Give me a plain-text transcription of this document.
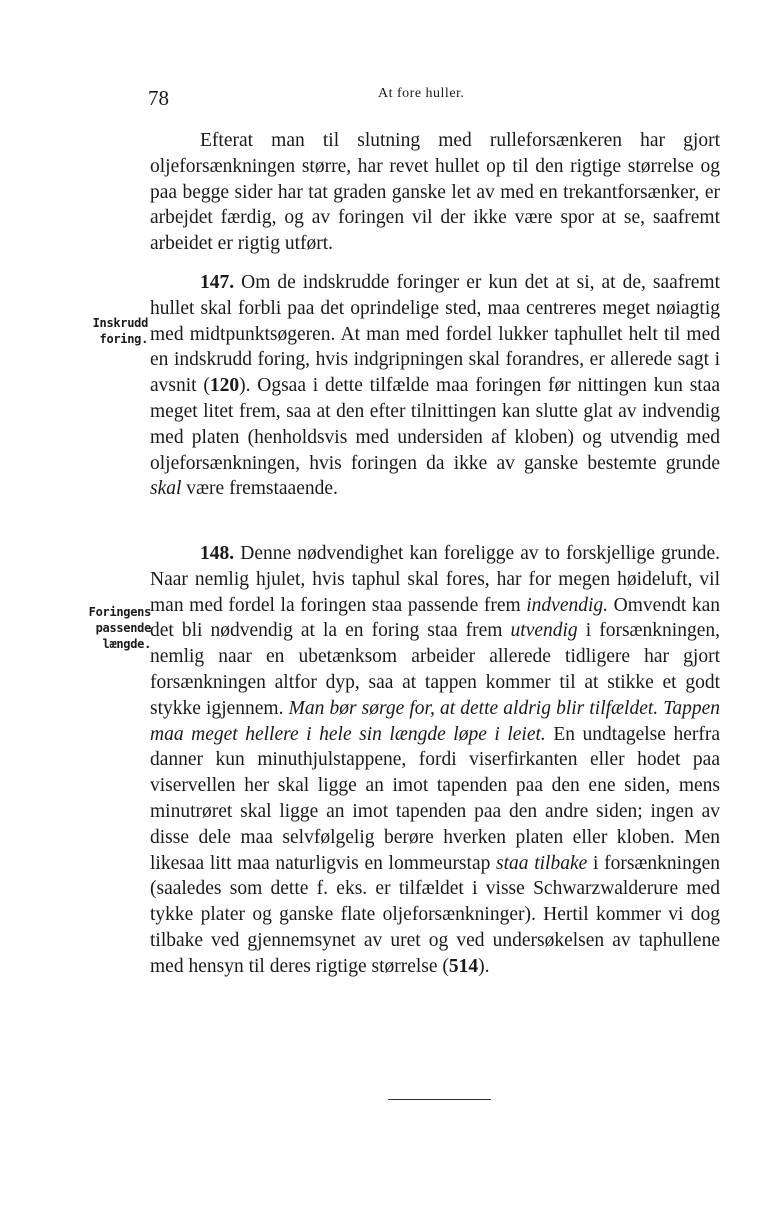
78	At fore huller.

Efterat man til slutning med rulleforsænkeren har gjort oljeforsænkningen større, har revet hullet op til den rigtige størrelse og paa begge sider har tat graden ganske let av med en trekantforsænker, er arbejdet færdig, og av foringen vil der ikke være spor at se, saafremt arbeidet er rigtig utført.

Inskrudd
foring.

147. Om de indskrudde foringer er kun det at si, at de, saafremt hullet skal forbli paa det oprindelige sted, maa centreres meget nøiagtig med midtpunktsøgeren. At man med fordel lukker taphullet helt til med en indskrudd foring, hvis indgripningen skal forandres, er allerede sagt i avsnit (120). Ogsaa i dette tilfælde maa foringen før nittingen kun staa meget litet frem, saa at den efter tilnittingen kan slutte glat av indvendig med platen (henholdsvis med undersiden af kloben) og utvendig med oljeforsænkningen, hvis foringen da ikke av ganske bestemte grunde skal være fremstaaende.

Foringens
passende
længde.

148. Denne nødvendighet kan foreligge av to forskjellige grunde. Naar nemlig hjulet, hvis taphul skal fores, har for megen høideluft, vil man med fordel la foringen staa passende frem indvendig. Omvendt kan det bli nødvendig at la en foring staa frem utvendig i forsænkningen, nemlig naar en ubetænksom arbeider allerede tidligere har gjort forsænkningen altfor dyp, saa at tappen kommer til at stikke et godt stykke igjennem. Man bør sørge for, at dette aldrig blir tilfældet. Tappen maa meget hellere i hele sin længde løpe i leiet. En undtagelse herfra danner kun minuthjulstappene, fordi viserfirkanten eller hodet paa viservellen her skal ligge an imot tapenden paa den ene siden, mens minutrøret skal ligge an imot tapenden paa den andre siden; ingen av disse dele maa selvfølgelig berøre hverken platen eller kloben. Men likesaa litt maa naturligvis en lommeurstap staa tilbake i forsænkningen (saaledes som dette f. eks. er tilfældet i visse Schwarzwalderure med tykke plater og ganske flate oljeforsænkninger). Hertil kommer vi dog tilbake ved gjennemsynet av uret og ved undersøkelsen av taphullene med hensyn til deres rigtige størrelse (514).
